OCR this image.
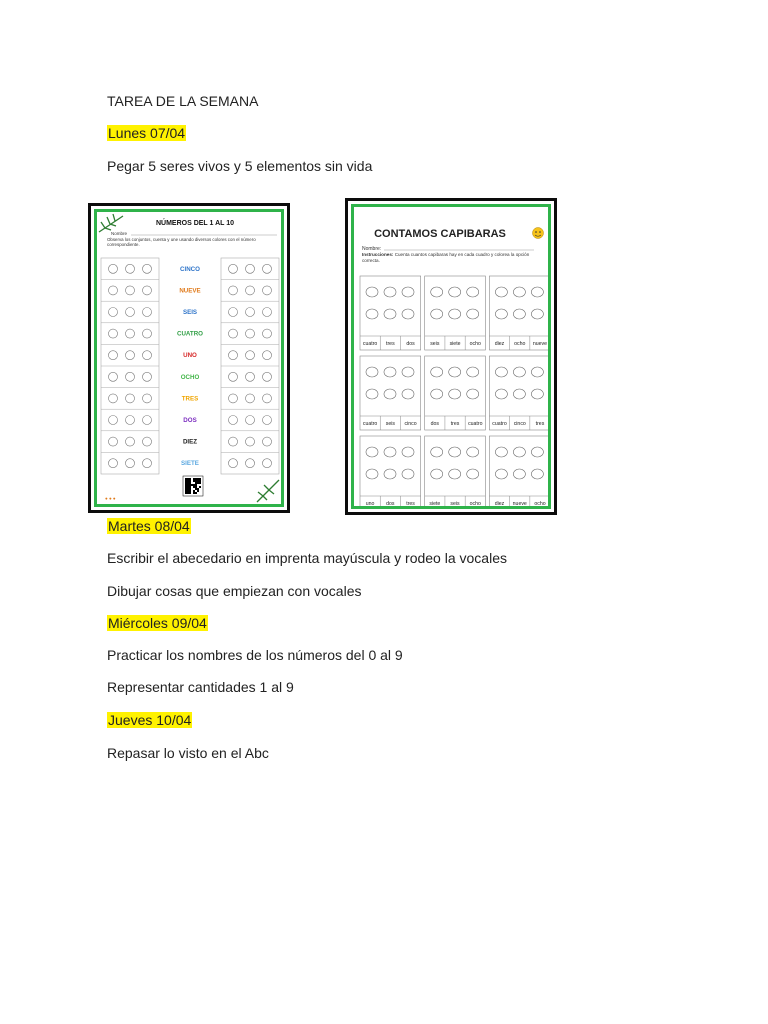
TAREA DE LA SEMANA
Lunes 07/04
Pegar 5 seres vivos y 5 elementos sin vida
NÚMEROS DEL 1 AL 10
Nombre
Observa los conjuntos, cuenta y une usando diversos colores con el número correspondiente.
CINCO
NUEVE
SEIS
CUATRO
UNO
OCHO
TRES
DOS
DIEZ
SIETE
● ● ●
CONTAMOS CAPIBARAS
Nombre:
Instrucciones: Cuenta cuantos capibaras hay en cada cuadro y colorea la opción correcta.
cuatro tres dos	seis siete ocho	diez ocho nueve
cuatro seis cinco	dos tres cuatro cuatro cinco tres
uno dos tres	siete seis ocho	diez nueve ocho
Martes 08/04
Escribir el abecedario en imprenta mayúscula y rodeo la vocales
Dibujar cosas que empiezan con vocales
Miércoles 09/04
Practicar los nombres de los números del 0 al 9
Representar cantidades 1 al 9
Jueves 10/04
Repasar lo visto en el Abc
